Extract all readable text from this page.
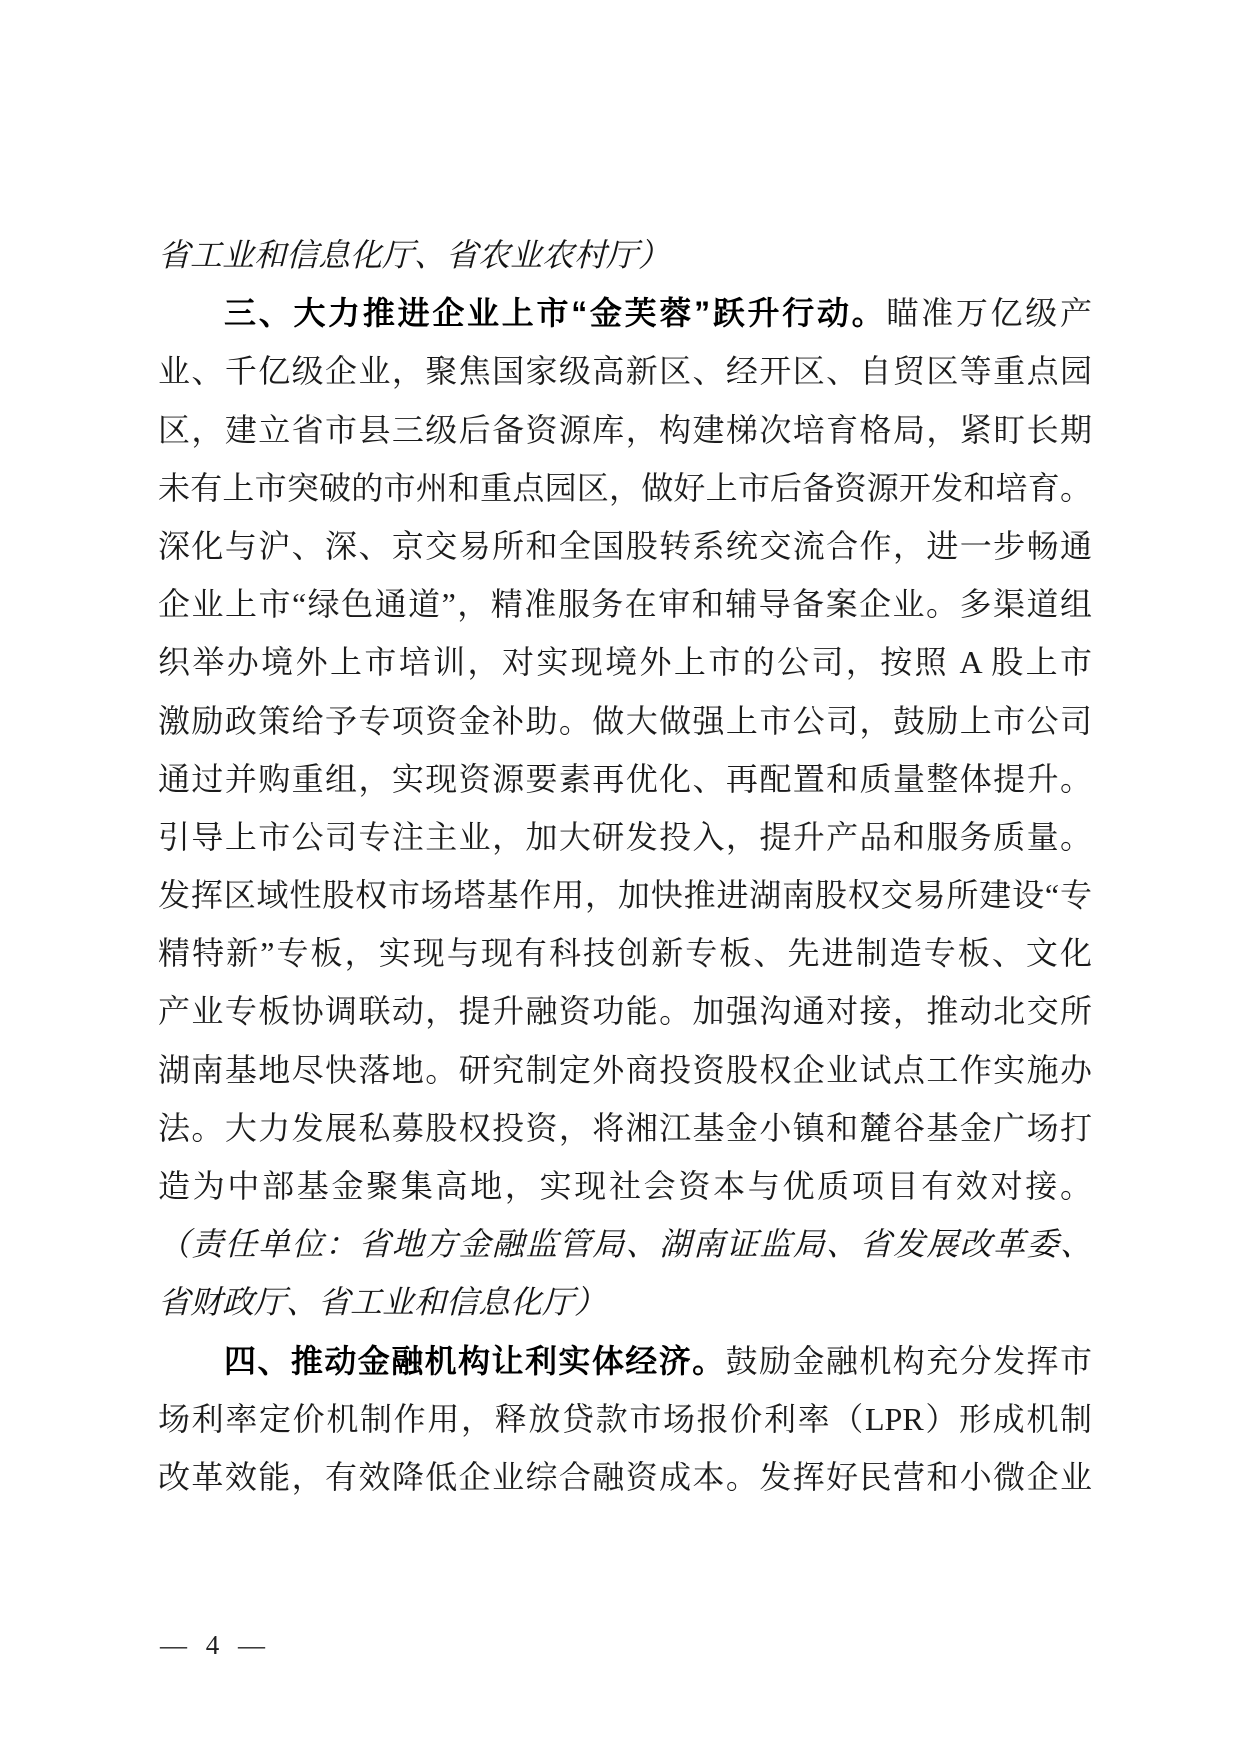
省工业和信息化厅、省农业农村厅）
三、大力推进企业上市“金芙蓉”跃升行动。瞄准万亿级产
业、千亿级企业，聚焦国家级高新区、经开区、自贸区等重点园
区，建立省市县三级后备资源库，构建梯次培育格局，紧盯长期
未有上市突破的市州和重点园区，做好上市后备资源开发和培育。
深化与沪、深、京交易所和全国股转系统交流合作，进一步畅通
企业上市“绿色通道”，精准服务在审和辅导备案企业。多渠道组
织举办境外上市培训，对实现境外上市的公司，按照 A 股上市
激励政策给予专项资金补助。做大做强上市公司，鼓励上市公司
通过并购重组，实现资源要素再优化、再配置和质量整体提升。
引导上市公司专注主业，加大研发投入，提升产品和服务质量。
发挥区域性股权市场塔基作用，加快推进湖南股权交易所建设“专
精特新”专板，实现与现有科技创新专板、先进制造专板、文化
产业专板协调联动，提升融资功能。加强沟通对接，推动北交所
湖南基地尽快落地。研究制定外商投资股权企业试点工作实施办
法。大力发展私募股权投资，将湘江基金小镇和麓谷基金广场打
造为中部基金聚集高地，实现社会资本与优质项目有效对接。
（责任单位：省地方金融监管局、湖南证监局、省发展改革委、
省财政厅、省工业和信息化厅）
四、推动金融机构让利实体经济。鼓励金融机构充分发挥市
场利率定价机制作用，释放贷款市场报价利率（LPR）形成机制
改革效能，有效降低企业综合融资成本。发挥好民营和小微企业
— 4 —
